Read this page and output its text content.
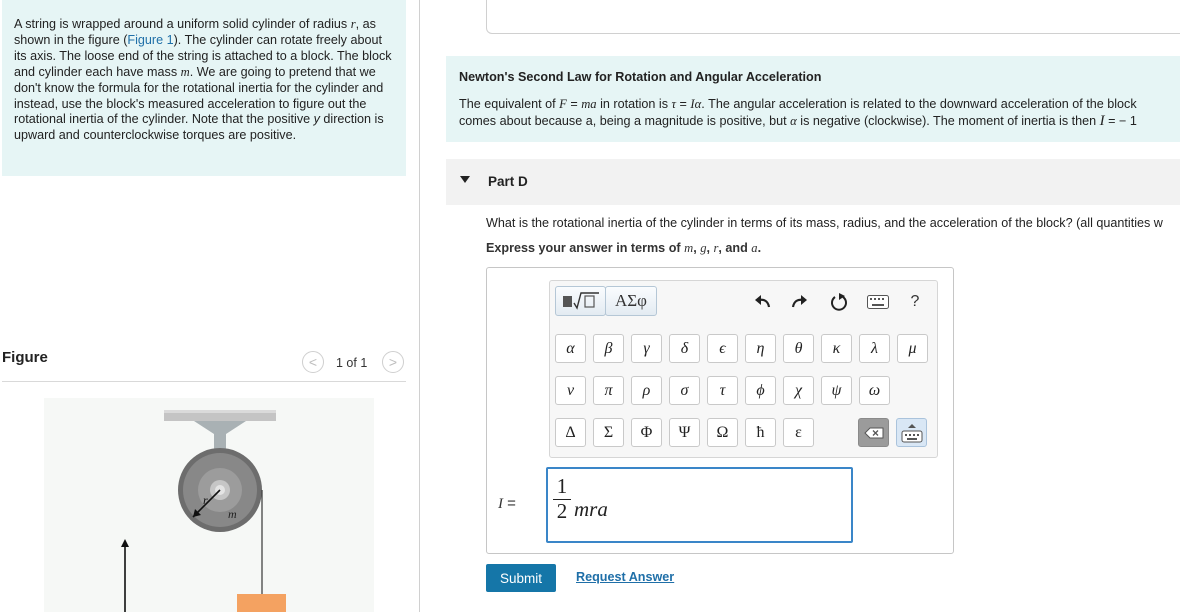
A string is wrapped around a uniform solid cylinder of radius r, as shown in the figure (Figure 1). The cylinder can rotate freely about its axis. The loose end of the string is attached to a block. The block and cylinder each have mass m. We are going to pretend that we don't know the formula for the rotational inertia for the cylinder and instead, use the block's measured acceleration to figure out the rotational inertia of the cylinder. Note that the positive y direction is upward and counterclockwise torques are positive.
Figure	< 1 of 1 >
r
m
Newton's Second Law for Rotation and Angular Acceleration
The equivalent of F = ma in rotation is τ = Iα. The angular acceleration is related to the downward acceleration of the block
comes about because a, being a magnitude is positive, but α is negative (clockwise). The moment of inertia is then I = − 1
Part D
What is the rotational inertia of the cylinder in terms of its mass, radius, and the acceleration of the block? (all quantities w
Express your answer in terms of m, g, r, and a.
ΑΣφ	?
α	β	γ	δ	ϵ	η	θ	κ	λ	μ
ν	π	ρ	σ	τ	ϕ	χ	ψ	ω
Δ	Σ	Φ	Ψ	Ω	ħ	ε
I =
1
2 mra
Submit	Request Answer
